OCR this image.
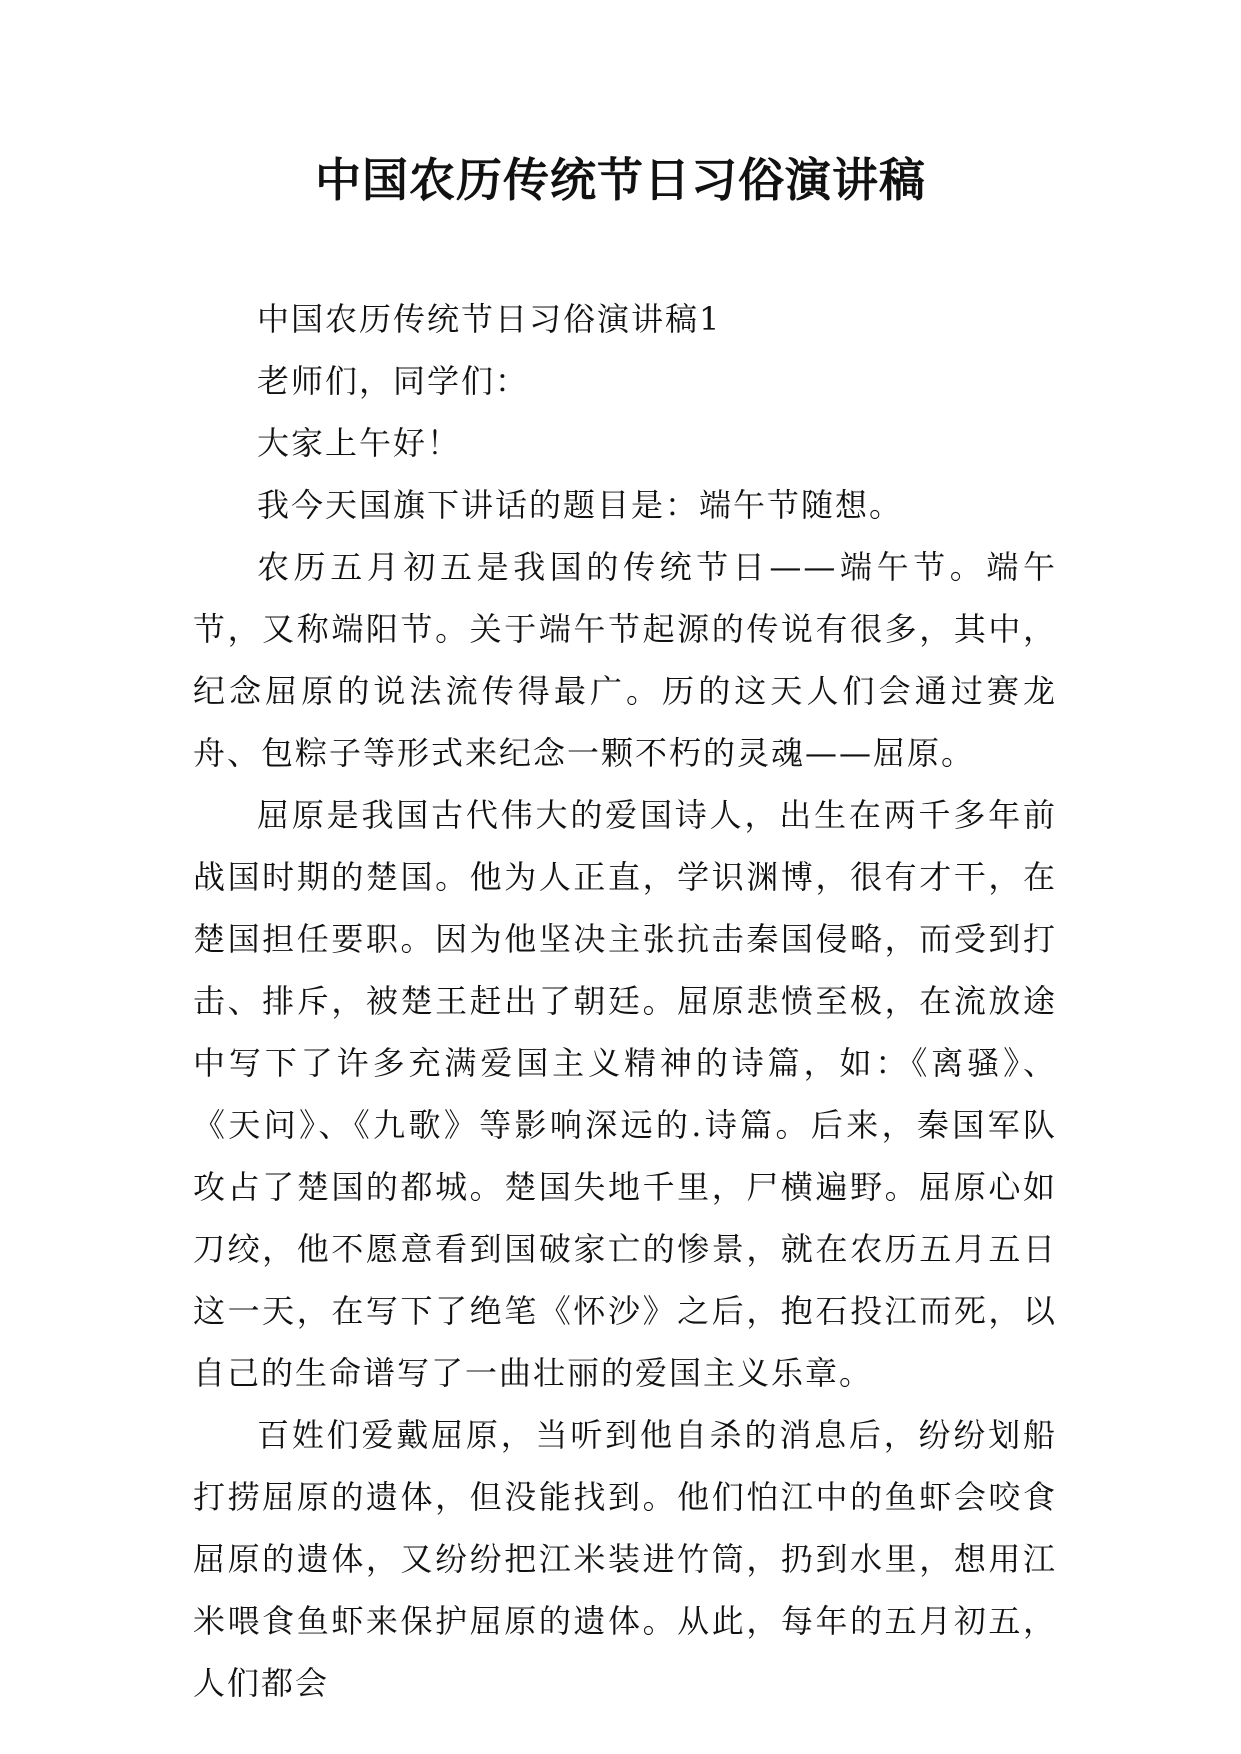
中国农历传统节日习俗演讲稿

中国农历传统节日习俗演讲稿1

老师们，同学们：

大家上午好！

我今天国旗下讲话的题目是：端午节随想。

农历五月初五是我国的传统节日——端午节。端午节，又称端阳节。关于端午节起源的传说有很多，其中，纪念屈原的说法流传得最广。历的这天人们会通过赛龙舟、包粽子等形式来纪念一颗不朽的灵魂——屈原。

屈原是我国古代伟大的爱国诗人，出生在两千多年前战国时期的楚国。他为人正直，学识渊博，很有才干，在楚国担任要职。因为他坚决主张抗击秦国侵略，而受到打击、排斥，被楚王赶出了朝廷。屈原悲愤至极，在流放途中写下了许多充满爱国主义精神的诗篇，如：《离骚》、《天问》、《九歌》等影响深远的.诗篇。后来，秦国军队攻占了楚国的都城。楚国失地千里，尸横遍野。屈原心如刀绞，他不愿意看到国破家亡的惨景，就在农历五月五日这一天，在写下了绝笔《怀沙》之后，抱石投江而死，以自己的生命谱写了一曲壮丽的爱国主义乐章。

百姓们爱戴屈原，当听到他自杀的消息后，纷纷划船打捞屈原的遗体，但没能找到。他们怕江中的鱼虾会咬食屈原的遗体，又纷纷把江米装进竹筒，扔到水里，想用江米喂食鱼虾来保护屈原的遗体。从此，每年的五月初五，人们都会
